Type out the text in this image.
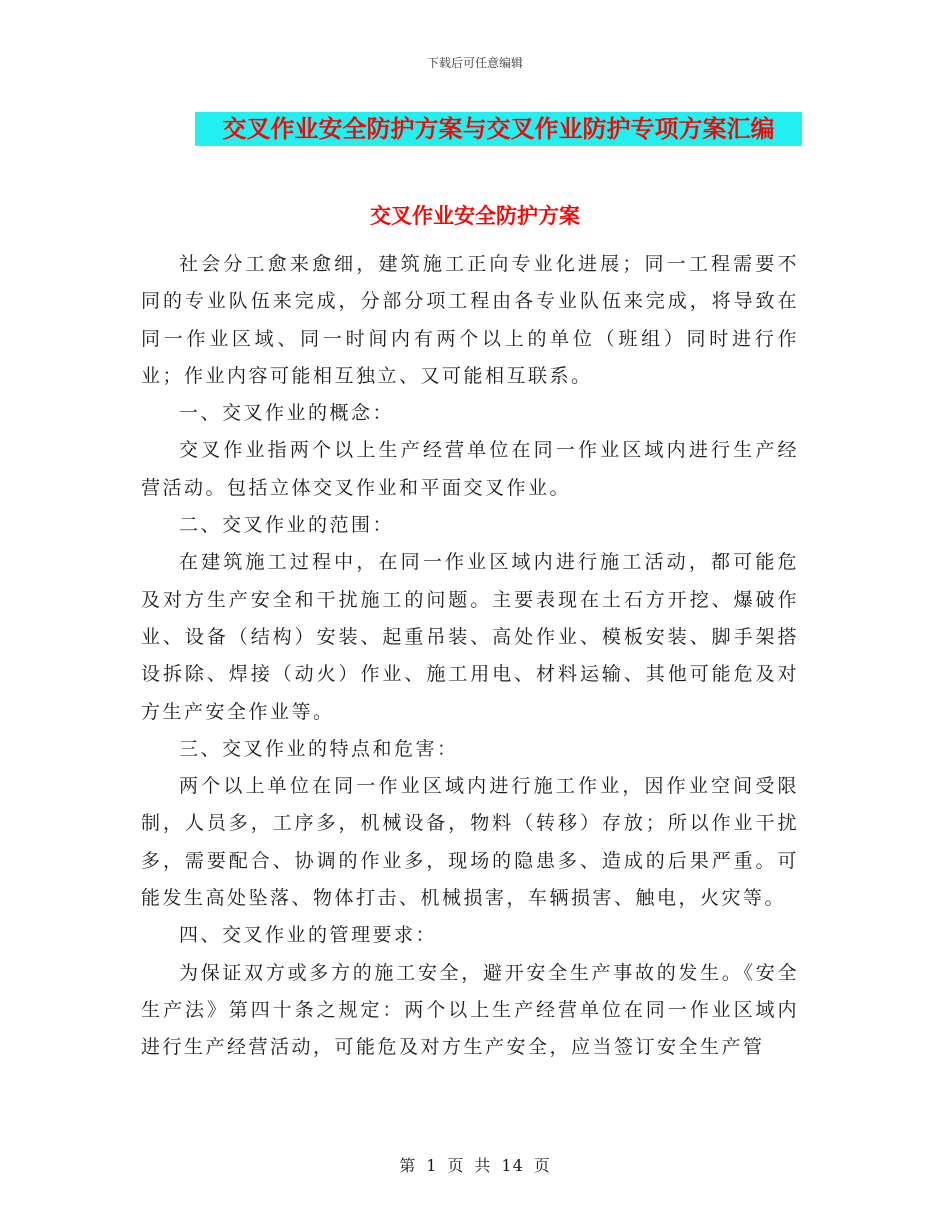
下载后可任意编辑
交叉作业安全防护方案与交叉作业防护专项方案汇编
交叉作业安全防护方案

社会分工愈来愈细，建筑施工正向专业化进展；同一工程需要不同的专业队伍来完成，分部分项工程由各专业队伍来完成，将导致在同一作业区域、同一时间内有两个以上的单位（班组）同时进行作业；作业内容可能相互独立、又可能相互联系。

一、交叉作业的概念：

交叉作业指两个以上生产经营单位在同一作业区域内进行生产经营活动。包括立体交叉作业和平面交叉作业。

二、交叉作业的范围：

在建筑施工过程中，在同一作业区域内进行施工活动，都可能危及对方生产安全和干扰施工的问题。主要表现在土石方开挖、爆破作业、设备（结构）安装、起重吊装、高处作业、模板安装、脚手架搭设拆除、焊接（动火）作业、施工用电、材料运输、其他可能危及对方生产安全作业等。

三、交叉作业的特点和危害：

两个以上单位在同一作业区域内进行施工作业，因作业空间受限制，人员多，工序多，机械设备，物料（转移）存放；所以作业干扰多，需要配合、协调的作业多，现场的隐患多、造成的后果严重。可能发生高处坠落、物体打击、机械损害，车辆损害、触电，火灾等。

四、交叉作业的管理要求：

为保证双方或多方的施工安全，避开安全生产事故的发生。《安全生产法》第四十条之规定：两个以上生产经营单位在同一作业区域内进行生产经营活动，可能危及对方生产安全，应当签订安全生产管

第 1 页 共 14 页
